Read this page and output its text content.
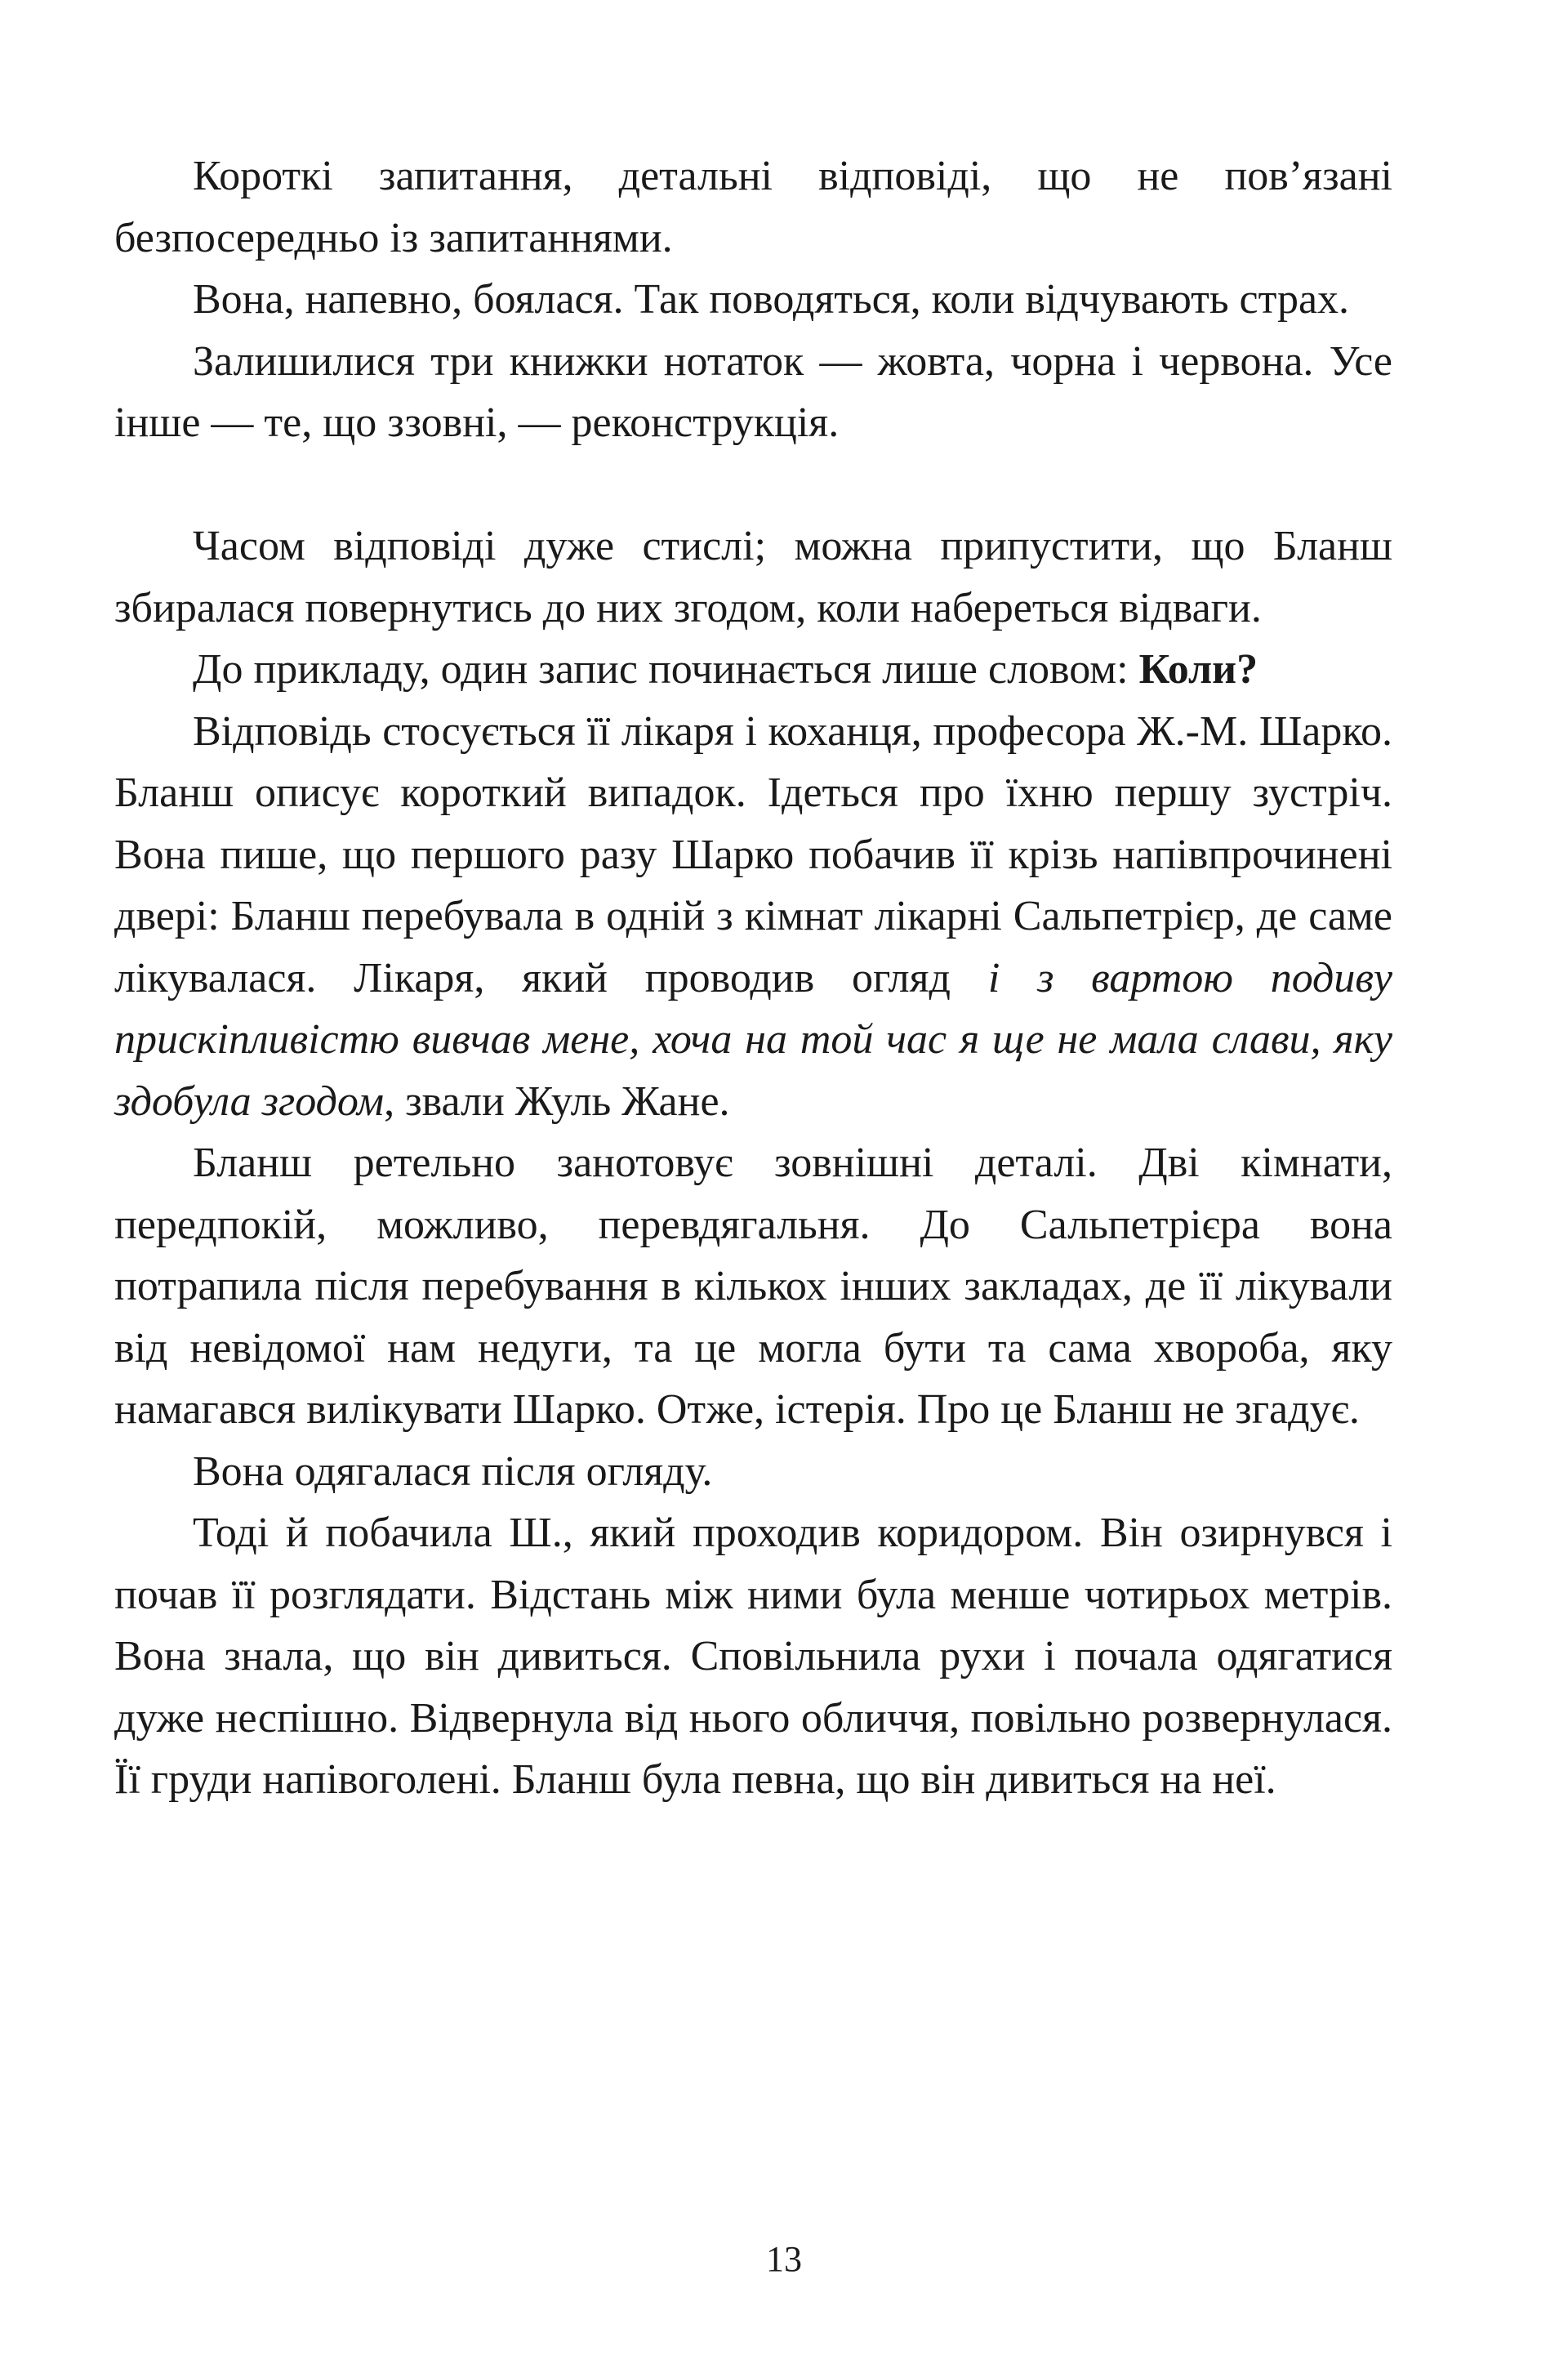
Короткі запитання, детальні відповіді, що не пов’язані безпосередньо із запитаннями.

Вона, напевно, боялася. Так поводяться, коли відчувають страх.

Залишилися три книжки нотаток — жовта, чорна і червона. Усе інше — те, що ззовні, — реконструкція.

Часом відповіді дуже стислі; можна припустити, що Бланш збиралася повернутись до них згодом, коли набереться відваги.

До прикладу, один запис починається лише словом: Коли?

Відповідь стосується її лікаря і коханця, професора Ж.-М. Шарко. Бланш описує короткий випадок. Ідеться про їхню першу зустріч. Вона пише, що першого разу Шарко побачив її крізь напівпрочинені двері: Бланш перебувала в одній з кімнат лікарні Сальпетрієр, де саме лікувалася. Лікаря, який проводив огляд і з вартою подиву прискіпливістю вивчав мене, хоча на той час я ще не мала слави, яку здобула згодом, звали Жуль Жане.

Бланш ретельно занотовує зовнішні деталі. Дві кімнати, передпокій, можливо, перевдягальня. До Сальпетрієра вона потрапила після перебування в кількох інших закладах, де її лікували від невідомої нам недуги, та це могла бути та сама хвороба, яку намагався вилікувати Шарко. Отже, істерія. Про це Бланш не згадує.

Вона одягалася після огляду.

Тоді й побачила Ш., який проходив коридором. Він озирнувся і почав її розглядати. Відстань між ними була менше чотирьох метрів. Вона знала, що він дивиться. Сповільнила рухи і почала одягатися дуже неспішно. Відвернула від нього обличчя, повільно розвернулася. Її груди напівоголені. Бланш була певна, що він дивиться на неї.

13
